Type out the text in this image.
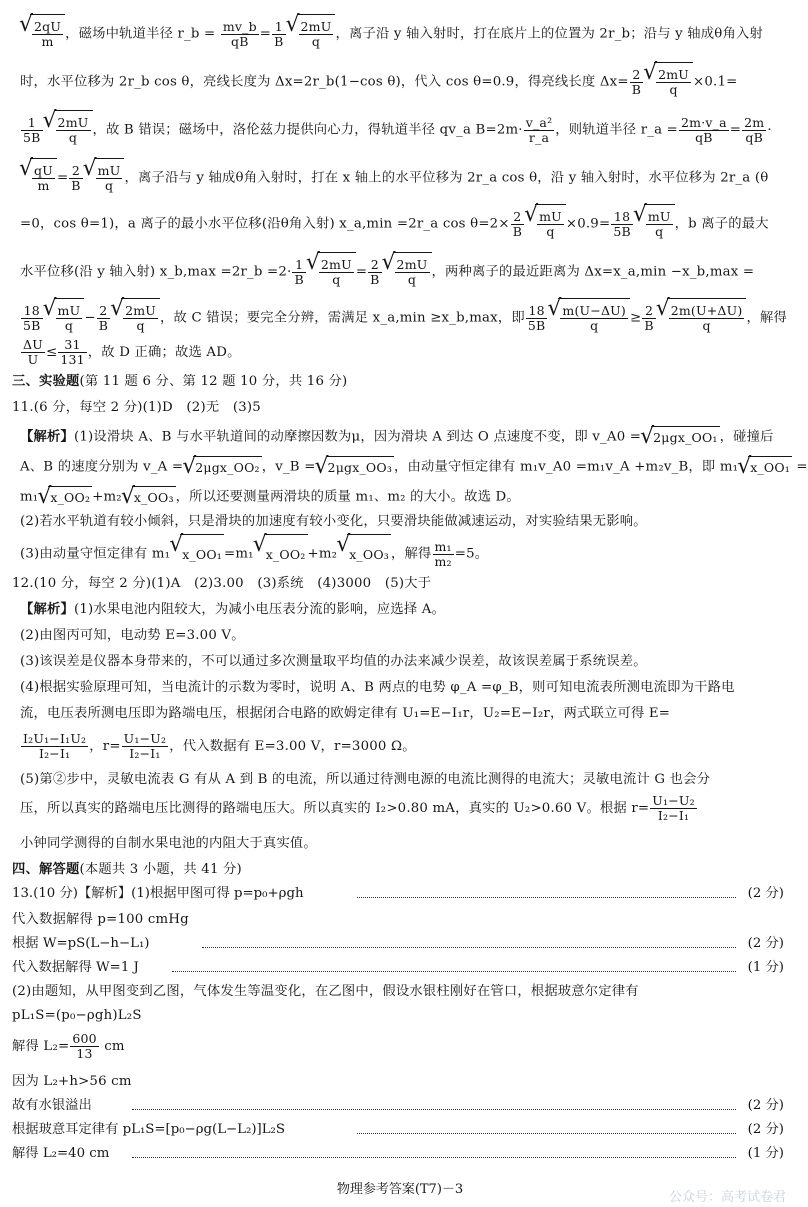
√ $\frac{2qU}{m}$ ，磁场中轨道半径 r_b = $\frac{mv\_b}{qB} = \frac{1}{B}$ √ $\frac{2mU}{q}$ ，离子沿 y 轴入射时，打在底片上的位置为 2r_b；沿与 y 轴成θ角入射
时，水平位移为 2r_b cos θ，亮线长度为 Δx=2r_b(1−cos θ)，代入 cos θ=0.9，得亮线长度 $\Delta x= \frac{2}{B}$ √ $\frac{2mU}{q} \times 0.1=$
$\frac{1}{5B}$ √ $\frac{2mU}{q}$ ，故 B 错误；磁场中，洛伦兹力提供向心力，得轨道半径 qv_a $B=2m\cdot \frac{\text{v\_a²}}{r\_a}$ ，则轨道半径 r_a = $\frac{2m\cdot v\_a}{qB} = \frac{2m}{qB}$ ·
√ $\frac{qU}{m} = \frac{2}{B}$ √ $\frac{mU}{q}$ ，离子沿与 y 轴成θ角入射时，打在 x 轴上的水平位移为 2r_a cos θ，沿 y 轴入射时，水平位移为 2r_a (θ
=0，cos θ=1)，a 离子的最小水平位移(沿θ角入射) x_a,min =2r_a $\cos \theta=2\times \frac{2}{B}$ √ $\frac{mU}{q} \times 0.9= \frac{18}{5B}$ √ $\frac{mU}{q}$ ，b 离子的最大
水平位移(沿 y 轴入射) x_b,max =2r_b $=2\cdot \frac{1}{B}$ √ $\frac{2mU}{q} = \frac{2}{B}$ √ $\frac{2mU}{q}$ ，两种离子的最近距离为 Δx=x_a,min −x_b,max =
$\frac{18}{5B}$ √ $\frac{mU}{q} - \frac{2}{B}$ √ $\frac{2mU}{q}$ ，故 C 错误；要完全分辨，需满足 x_a,min ≥x_b,max，即 $\frac{18}{5B}$ √ $\frac{m(U-\Delta U)}{q} \ge \frac{2}{B}$ √ $\frac{2m(U+\Delta U)}{q}$ ，解得
$\frac{\Delta U}{U} \le \frac{31}{131}$ ，故 D 正确；故选 AD。
三、实验题(第 11 题 6 分、第 12 题 10 分，共 16 分)
11.(6 分，每空 2 分)(1)D　(2)无　(3)5
【解析】(1)设滑块 A、B 与水平轨道间的动摩擦因数为μ，因为滑块 A 到达 O 点速度不变，即 v_A0 = √ 2μgx_OO₁ ，碰撞后
A、B 的速度分别为 v_A = √ 2μgx_OO₂ ，v_B = √ 2μgx_OO₃ ，由动量守恒定律有 m₁v_A0 =m₁v_A +m₂v_B，即 m₁ √ x_OO₁ =
m₁ √ x_OO₂ +m₂ √ x_OO₃ ，所以还要测量两滑块的质量 m₁、m₂ 的大小。故选 D。
(2)若水平轨道有较小倾斜，只是滑块的加速度有较小变化，只要滑块能做减速运动，对实验结果无影响。
(3)由动量守恒定律有 m₁ √ x_OO₁ =m₁ √ x_OO₂ +m₂ √ x_OO₃ ，解得 $\frac{\text{m₁}}{\text{m₂}} =5$。
12.(10 分，每空 2 分)(1)A　(2)3.00　(3)系统　(4)3000　(5)大于
【解析】(1)水果电池内阻较大，为减小电压表分流的影响，应选择 A。
(2)由图丙可知，电动势 E=3.00 V。
(3)该误差是仪器本身带来的，不可以通过多次测量取平均值的办法来减少误差，故该误差属于系统误差。
(4)根据实验原理可知，当电流计的示数为零时，说明 A、B 两点的电势 φ_A =φ_B，则可知电流表所测电流即为干路电
流，电压表所测电压即为路端电压，根据闭合电路的欧姆定律有 U₁=E−I₁r，U₂=E−I₂r，两式联立可得 E=
$\frac{\text{I₂U₁−I₁U₂}}{\text{I₂−I₁}}$ ，$r= \frac{\text{U₁−U₂}}{\text{I₂−I₁}}$ ，代入数据有 E=3.00 V，r=3000 Ω。
(5)第②步中，灵敏电流表 G 有从 A 到 B 的电流，所以通过待测电源的电流比测得的电流大；灵敏电流计 G 也会分
压，所以真实的路端电压比测得的路端电压大。所以真实的 I₂>0.80 mA，真实的 U₂>0.60 V。根据 $r= \frac{\text{U₁−U₂}}{\text{I₂−I₁}}$
小钟同学测得的自制水果电池的内阻大于真实值。
四、解答题(本题共 3 小题，共 41 分)
13.(10 分)【解析】(1)根据甲图可得 p=p₀+ρgh	(2 分)
代入数据解得 p=100 cmHg
根据 W=pS(L−h−L₁)	(2 分)
代入数据解得 W=1 J	(1 分)
(2)由题知，从甲图变到乙图，气体发生等温变化，在乙图中，假设水银柱刚好在管口，根据玻意尔定律有
pL₁S=(p₀−ρgh)L₂S
解得 $L_2= \frac{600}{13}$ cm
因为 L₂+h>56 cm
故有水银溢出	(2 分)
根据玻意耳定律有 pL₁S=[p₀−ρg(L−L₂)]L₂S	(2 分)
解得 L₂=40 cm	(1 分)
物理参考答案(T7)－3
公众号：高考试卷君
